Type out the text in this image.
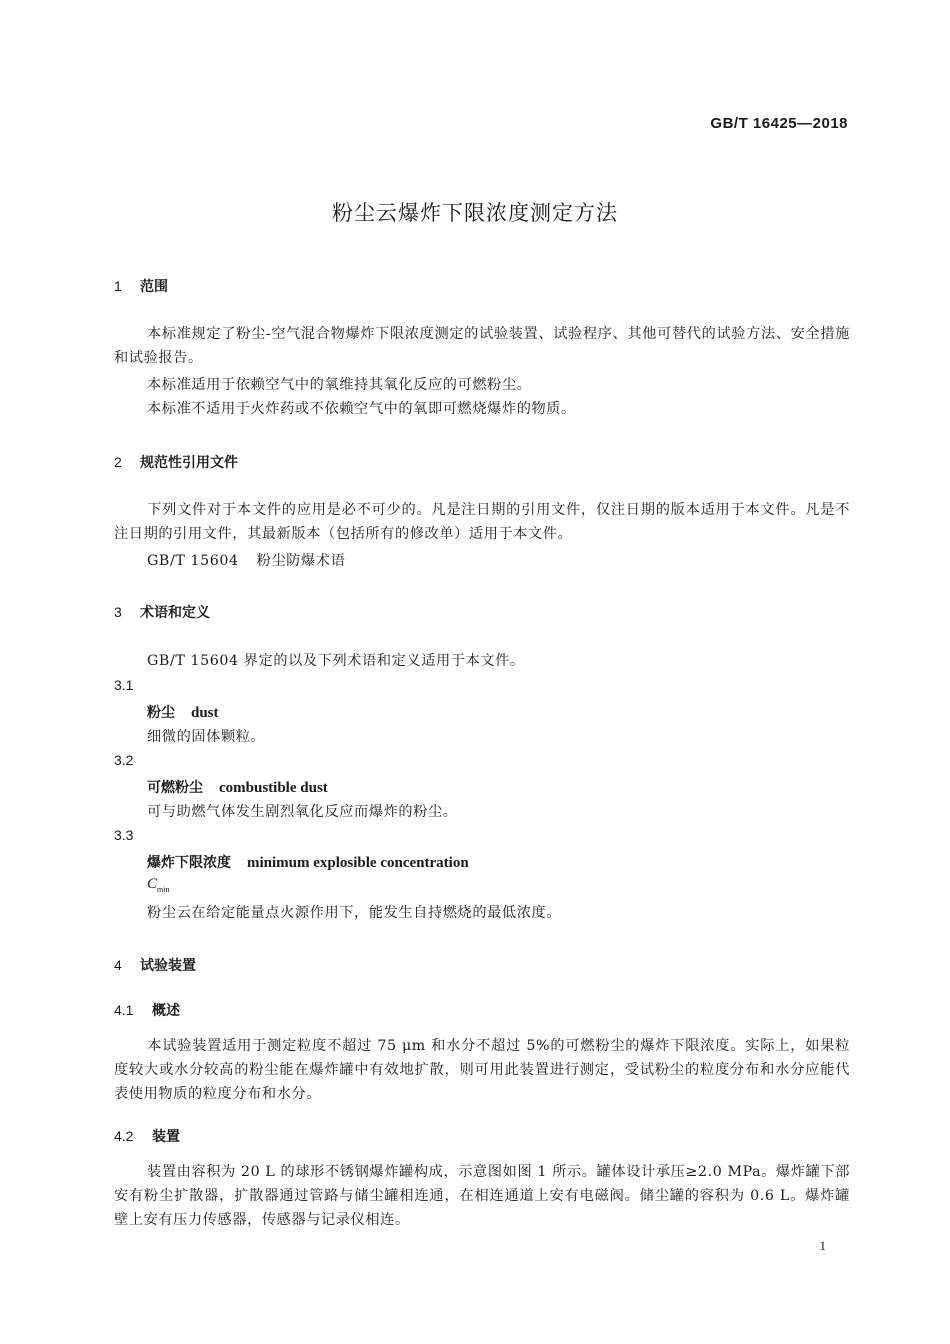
GB/T 16425—2018
粉尘云爆炸下限浓度测定方法
1 范围
本标准规定了粉尘-空气混合物爆炸下限浓度测定的试验装置、试验程序、其他可替代的试验方法、安全措施和试验报告。
本标准适用于依赖空气中的氧维持其氧化反应的可燃粉尘。
本标准不适用于火炸药或不依赖空气中的氧即可燃烧爆炸的物质。
2 规范性引用文件
下列文件对于本文件的应用是必不可少的。凡是注日期的引用文件，仅注日期的版本适用于本文件。凡是不注日期的引用文件，其最新版本（包括所有的修改单）适用于本文件。
GB/T 15604 粉尘防爆术语
3 术语和定义
GB/T 15604 界定的以及下列术语和定义适用于本文件。
3.1
粉尘 dust
细微的固体颗粒。
3.2
可燃粉尘 combustible dust
可与助燃气体发生剧烈氧化反应而爆炸的粉尘。
3.3
爆炸下限浓度 minimum explosible concentration
$C_{min}$
粉尘云在给定能量点火源作用下，能发生自持燃烧的最低浓度。
4 试验装置
4.1 概述
本试验装置适用于测定粒度不超过 75 μm 和水分不超过 5%的可燃粉尘的爆炸下限浓度。实际上，如果粒度较大或水分较高的粉尘能在爆炸罐中有效地扩散，则可用此装置进行测定，受试粉尘的粒度分布和水分应能代表使用物质的粒度分布和水分。
4.2 装置
装置由容积为 20 L 的球形不锈钢爆炸罐构成，示意图如图 1 所示。罐体设计承压≥2.0 MPa。爆炸罐下部安有粉尘扩散器，扩散器通过管路与储尘罐相连通，在相连通道上安有电磁阀。储尘罐的容积为 0.6 L。爆炸罐壁上安有压力传感器，传感器与记录仪相连。
1
